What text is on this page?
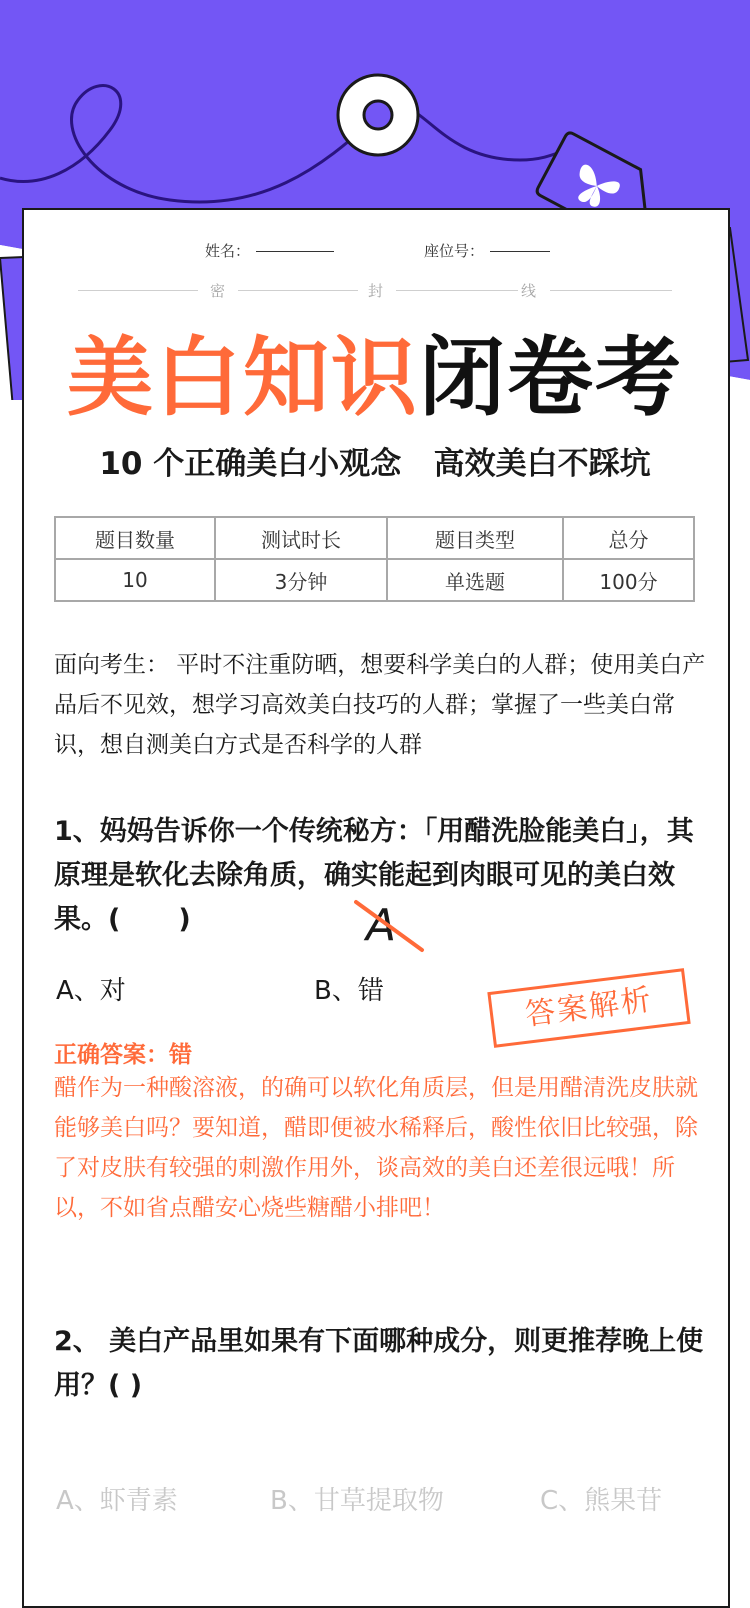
姓名：	座位号：
密	封	线
美白知识闭卷考
10 个正确美白小观念   高效美白不踩坑
题目数量	测试时长	题目类型	总分
10	3分钟	单选题	100分
面向考生： 平时不注重防晒，想要科学美白的人群；使用美白产品后不见效，想学习高效美白技巧的人群；掌握了一些美白常识，想自测美白方式是否科学的人群
1、妈妈告诉你一个传统秘方：「用醋洗脸能美白」，其原理是软化去除角质，确实能起到肉眼可见的美白效果。( )	A
A、对	B、错	答案解析
正确答案：错
醋作为一种酸溶液，的确可以软化角质层，但是用醋清洗皮肤就能够美白吗？要知道，醋即便被水稀释后，酸性依旧比较强，除了对皮肤有较强的刺激作用外，谈高效的美白还差很远哦！所以，不如省点醋安心烧些糖醋小排吧！
2、 美白产品里如果有下面哪种成分，则更推荐晚上使用？( )
A、虾青素	B、甘草提取物	C、熊果苷
